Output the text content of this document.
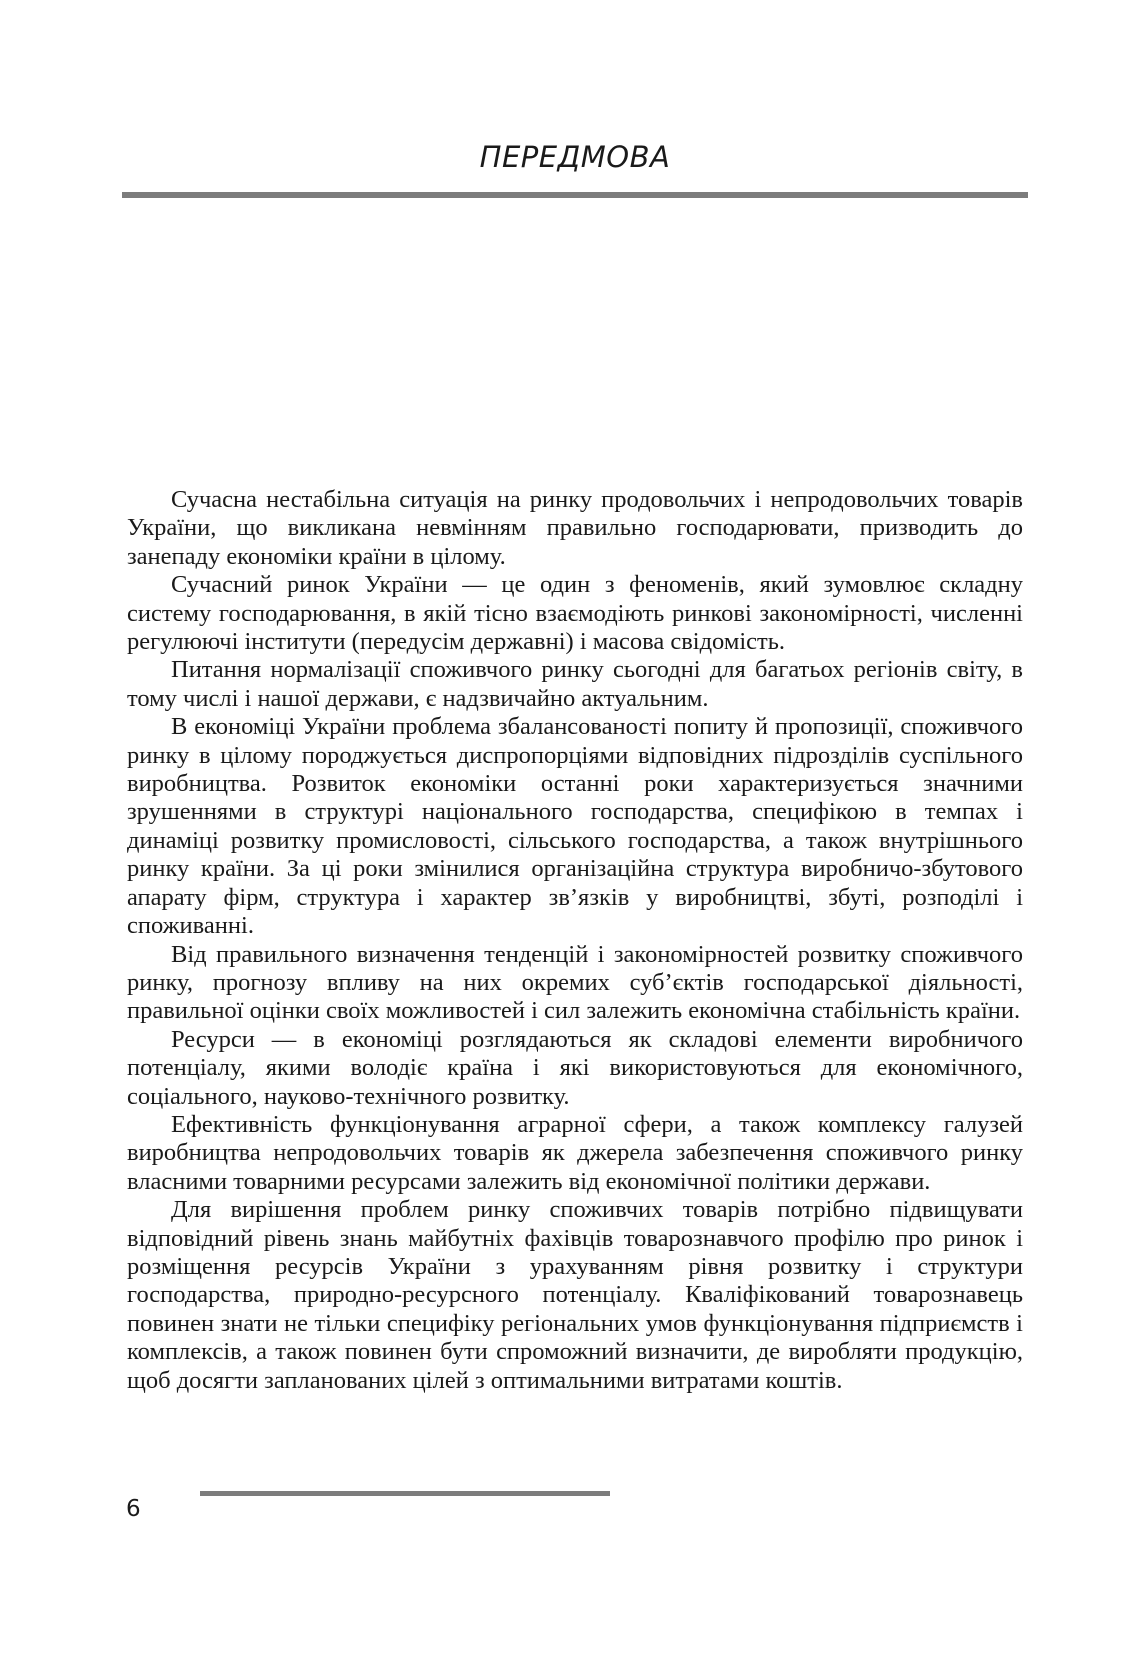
ПЕРЕДМОВА

Сучасна нестабільна ситуація на ринку продовольчих і непродовольчих товарів України, що викликана невмінням правильно господарювати, призводить до занепаду економіки країни в цілому.

Сучасний ринок України — це один з феноменів, який зумовлює складну систему господарювання, в якій тісно взаємодіють ринкові закономірності, численні регулюючі інститути (передусім державні) і масова свідомість.

Питання нормалізації споживчого ринку сьогодні для багатьох регіонів світу, в тому числі і нашої держави, є надзвичайно актуальним.

В економіці України проблема збалансованості попиту й пропозиції, споживчого ринку в цілому породжується диспропорціями відповідних підрозділів суспільного виробництва. Розвиток економіки останні роки характеризується значними зрушеннями в структурі національного господарства, специфікою в темпах і динаміці розвитку промисловості, сільського господарства, а також внутрішнього ринку країни. За ці роки змінилися організаційна структура виробничо-збутового апарату фірм, структура і характер зв’язків у виробництві, збуті, розподілі і споживанні.

Від правильного визначення тенденцій і закономірностей розвитку споживчого ринку, прогнозу впливу на них окремих суб’єктів господарської діяльності, правильної оцінки своїх можливостей і сил залежить економічна стабільність країни.

Ресурси — в економіці розглядаються як складові елементи виробничого потенціалу, якими володіє країна і які використовуються для економічного, соціального, науково-технічного розвитку.

Ефективність функціонування аграрної сфери, а також комплексу галузей виробництва непродовольчих товарів як джерела забезпечення споживчого ринку власними товарними ресурсами залежить від економічної політики держави.

Для вирішення проблем ринку споживчих товарів потрібно підвищувати відповідний рівень знань майбутніх фахівців товарознавчого профілю про ринок і розміщення ресурсів України з урахуванням рівня розвитку і структури господарства, природно-ресурсного потенціалу. Кваліфікований товарознавець повинен знати не тільки специфіку регіональних умов функціонування підприємств і комплексів, а також повинен бути спроможний визначити, де виробляти продукцію, щоб досягти запланованих цілей з оптимальними витратами коштів.

6
